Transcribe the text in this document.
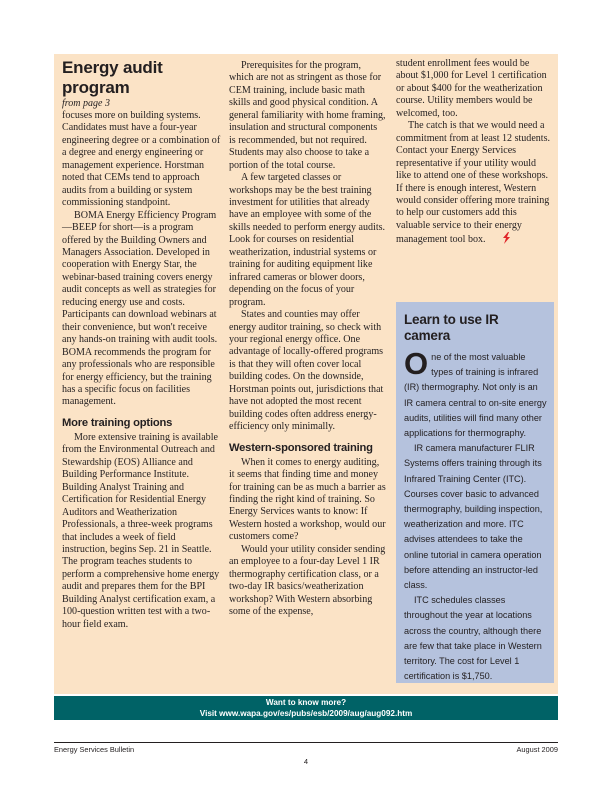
Energy audit program

from page 3

focuses more on building systems. Candidates must have a four-year engineering degree or a combination of a degree and energy engineering or management experience. Horstman noted that CEMs tend to approach audits from a building or system commissioning standpoint.

BOMA Energy Efficiency Program—BEEP for short—is a program offered by the Building Owners and Managers Association. Developed in cooperation with Energy Star, the webinar-based training covers energy audit concepts as well as strategies for reducing energy use and costs. Participants can download webinars at their convenience, but won't receive any hands-on training with audit tools. BOMA recommends the program for any professionals who are responsible for energy efficiency, but the training has a specific focus on facilities management.

More training options

More extensive training is available from the Environmental Outreach and Stewardship (EOS) Alliance and Building Performance Institute. Building Analyst Training and Certification for Residential Energy Auditors and Weatherization Professionals, a three-week programs that includes a week of field instruction, begins Sep. 21 in Seattle. The program teaches students to perform a comprehensive home energy audit and prepares them for the BPI Building Analyst certification exam, a 100-question written test with a two-hour field exam.

Prerequisites for the program, which are not as stringent as those for CEM training, include basic math skills and good physical condition. A general familiarity with home framing, insulation and structural components is recommended, but not required. Students may also choose to take a portion of the total course.

A few targeted classes or workshops may be the best training investment for utilities that already have an employee with some of the skills needed to perform energy audits. Look for courses on residential weatherization, industrial systems or training for auditing equipment like infrared cameras or blower doors, depending on the focus of your program.

States and counties may offer energy auditor training, so check with your regional energy office. One advantage of locally-offered programs is that they will often cover local building codes. On the downside, Horstman points out, jurisdictions that have not adopted the most recent building codes often address energy-efficiency only minimally.

Western-sponsored training

When it comes to energy auditing, it seems that finding time and money for training can be as much a barrier as finding the right kind of training. So Energy Services wants to know: If Western hosted a workshop, would our customers come?

Would your utility consider sending an employee to a four-day Level 1 IR thermography certification class, or a two-day IR basics/weatherization workshop? With Western absorbing some of the expense,

student enrollment fees would be about $1,000 for Level 1 certification or about $400 for the weatherization course. Utility members would be welcomed, too.

The catch is that we would need a commitment from at least 12 students. Contact your Energy Services representative if your utility would like to attend one of these workshops. If there is enough interest, Western would consider offering more training to help our customers add this valuable service to their energy management tool box.

Learn to use IR camera

One of the most valuable types of training is infrared (IR) thermography. Not only is an IR camera central to on-site energy audits, utilities will find many other applications for thermography.

IR camera manufacturer FLIR Systems offers training through its Infrared Training Center (ITC). Courses cover basic to advanced thermography, building inspection, weatherization and more. ITC advises attendees to take the online tutorial in camera operation before attending an instructor-led class.

ITC schedules classes throughout the year at locations across the country, although there are few that take place in Western territory. The cost for Level 1 certification is $1,750.

Want to know more?
Visit www.wapa.gov/es/pubs/esb/2009/aug/aug092.htm
Energy Services Bulletin	August 2009
4
